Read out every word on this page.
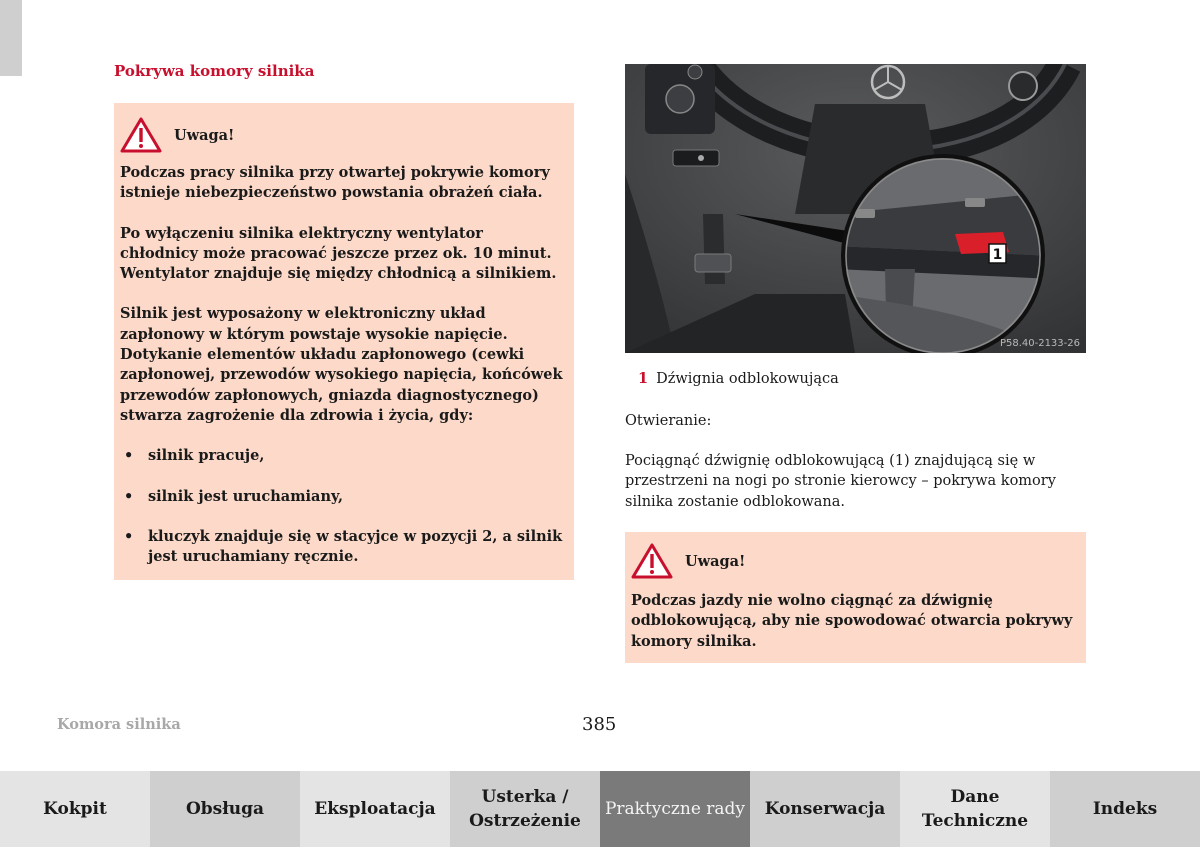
Pokrywa komory silnika
Uwaga!

Podczas pracy silnika przy otwartej pokrywie komory istnieje niebezpieczeństwo powstania obrażeń ciała.

Po wyłączeniu silnika elektryczny wentylator chłodnicy może pracować jeszcze przez ok. 10 minut. Wentylator znajduje się między chłodnicą a silnikiem.

Silnik jest wyposażony w elektroniczny układ zapłonowy w którym powstaje wysokie napięcie. Dotykanie elementów układu zapłonowego (cewki zapłonowej, przewodów wysokiego napięcia, końcówek przewodów zapłonowych, gniazda diagnostycznego) stwarza zagrożenie dla zdrowia i życia, gdy:

•	silnik pracuje,
•	silnik jest uruchamiany,
•	kluczyk znajduje się w stacyjce w pozycji 2, a silnik jest uruchamiany ręcznie.
1
P58.40-2133-26
1 Dźwignia odblokowująca

Otwieranie:

Pociągnąć dźwignię odblokowującą (1) znajdującą się w przestrzeni na nogi po stronie kierowcy – pokrywa komory silnika zostanie odblokowana.

Uwaga!

Podczas jazdy nie wolno ciągnąć za dźwignię odblokowującą, aby nie spowodować otwarcia pokrywy komory silnika.

Komora silnika	385
Kokpit	Obsługa	Eksploatacja
Usterka / Ostrzeżenie
Praktyczne rady	Konserwacja
Dane Techniczne
Indeks
